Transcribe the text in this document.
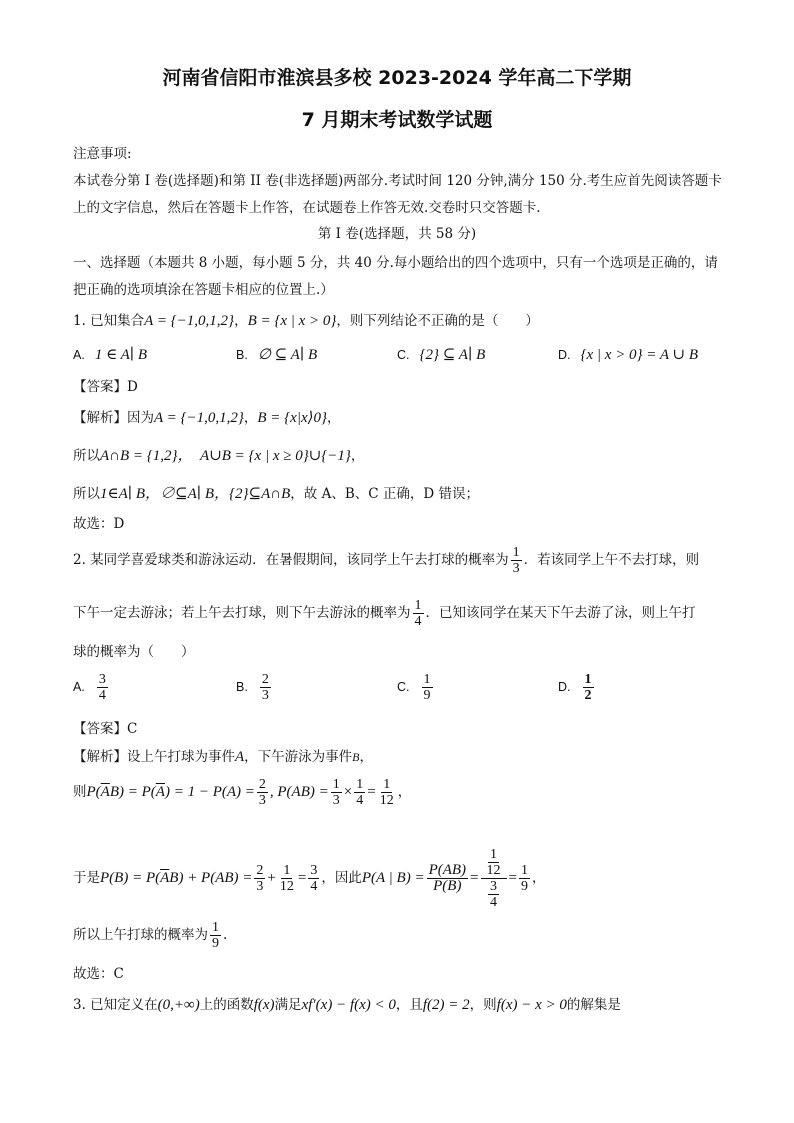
河南省信阳市淮滨县多校 2023-2024 学年高二下学期
7 月期末考试数学试题
注意事项:
本试卷分第 I 卷(选择题)和第 II 卷(非选择题)两部分.考试时间 120 分钟,满分 150 分.考生应首先阅读答题卡
上的文字信息，然后在答题卡上作答，在试题卷上作答无效.交卷时只交答题卡.
第 I 卷(选择题，共 58 分)
一、选择题（本题共 8 小题，每小题 5 分，共 40 分.每小题给出的四个选项中，只有一个选项是正确的，请
把正确的选项填涂在答题卡相应的位置上.）
1. 已知集合A = {−1,0,1,2}，B = {x | x > 0}，则下列结论不正确的是（　　）
A. 1 ∈ A∣ B	B. ∅ ⊆ A∣ B	C. {2} ⊆ A∣ B	D. {x | x > 0} = A ∪ B
【答案】D
【解析】因为A = {−1,0,1,2}，B = {x|x⟩0}，
所以A∩B = {1,2}，　A∪B = {x | x ≥ 0}∪{−1}，
所以1∈A∣ B，∅⊆A∣ B，{2}⊆A∩B，故 A、B、C 正确，D 错误；
故选：D
2. 某同学喜爱球类和游泳运动．在暑假期间，该同学上午去打球的概率为 $\frac{1}{3}$ ．若该同学上午不去打球，则
下午一定去游泳；若上午去打球，则下午去游泳的概率为 $\frac{1}{4}$ ．已知该同学在某天下午去游了泳，则上午打
球的概率为（　　）
A. $\frac{3}{4}$	B. $\frac{2}{3}$	C. $\frac{1}{9}$	D. $\frac{1}{2}$
【答案】C
【解析】设上午打球为事件A，下午游泳为事件B，
则$P(\overline{A}B) = P(\overline{A}) = 1 - P(A) = \frac{2}{3}$ , $P(AB) = \frac{1}{3} \times \frac{1}{4} = \frac{1}{12}$ ，
于是$P(B) = P(\overline{A}B) + P(AB) = \frac{2}{3} + \frac{1}{12} = \frac{3}{4}$ ，因此P(A | $B) = \frac{P(AB)}{P(B)} = \frac{\frac{1}{12}}{\frac{3}{4}} = \frac{1}{9}$ ，
所以上午打球的概率为 $\frac{1}{9}$ .
故选：C
3. 已知定义在(0,+∞)上的函数f(x)满足xf′(x) − f(x) < 0，且f(2) = 2，则f(x) − x > 0的解集是
